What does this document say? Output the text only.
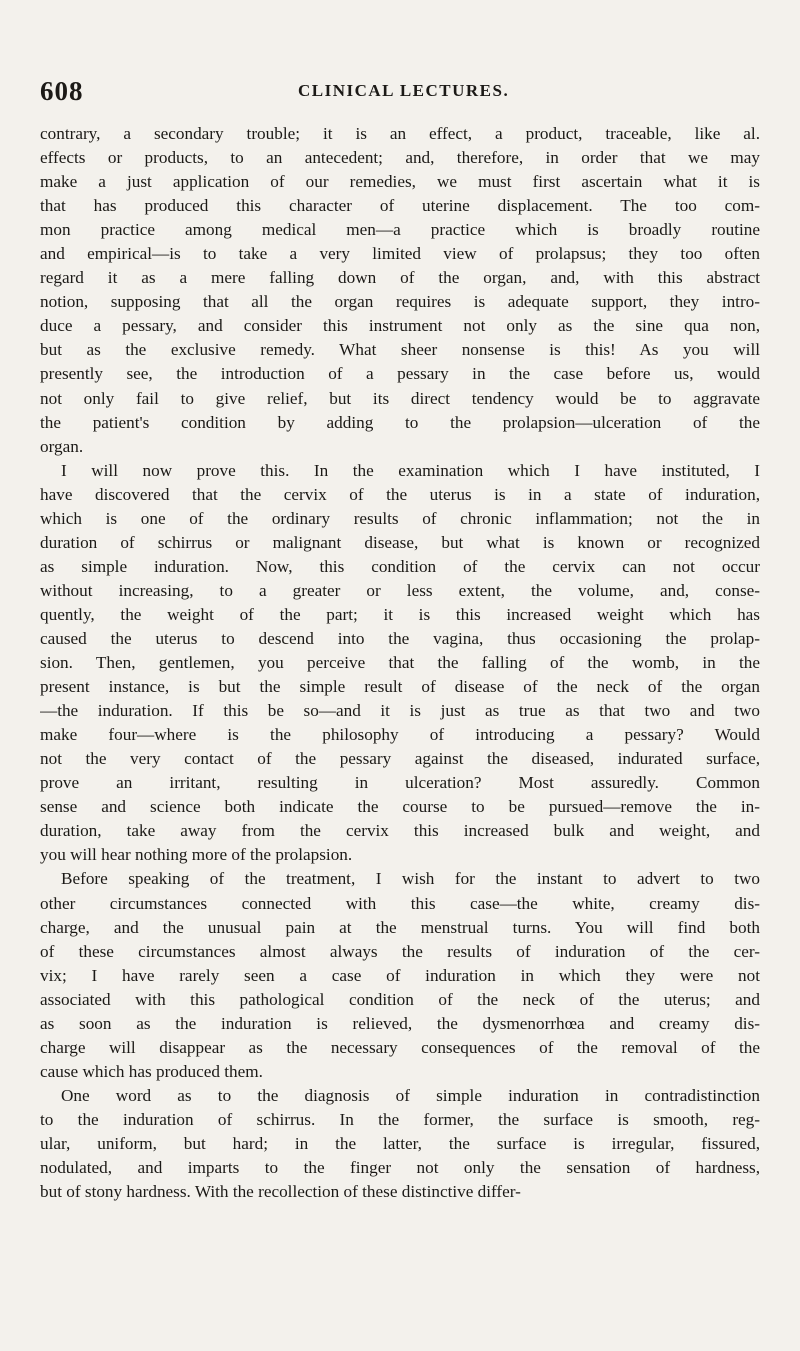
608	CLINICAL LECTURES.

contrary, a secondary trouble; it is an effect, a product, traceable, like al.
effects or products, to an antecedent; and, therefore, in order that we may
make a just application of our remedies, we must first ascertain what it is
that has produced this character of uterine displacement. The too com-
mon practice among medical men—a practice which is broadly routine
and empirical—is to take a very limited view of prolapsus; they too often
regard it as a mere falling down of the organ, and, with this abstract
notion, supposing that all the organ requires is adequate support, they intro-
duce a pessary, and consider this instrument not only as the sine qua non,
but as the exclusive remedy. What sheer nonsense is this! As you will
presently see, the introduction of a pessary in the case before us, would
not only fail to give relief, but its direct tendency would be to aggravate
the patient's condition by adding to the prolapsion—ulceration of the
organ.

I will now prove this. In the examination which I have instituted, I
have discovered that the cervix of the uterus is in a state of induration,
which is one of the ordinary results of chronic inflammation; not the in
duration of schirrus or malignant disease, but what is known or recognized
as simple induration. Now, this condition of the cervix can not occur
without increasing, to a greater or less extent, the volume, and, conse-
quently, the weight of the part; it is this increased weight which has
caused the uterus to descend into the vagina, thus occasioning the prolap-
sion. Then, gentlemen, you perceive that the falling of the womb, in the
present instance, is but the simple result of disease of the neck of the organ
—the induration. If this be so—and it is just as true as that two and two
make four—where is the philosophy of introducing a pessary? Would
not the very contact of the pessary against the diseased, indurated surface,
prove an irritant, resulting in ulceration? Most assuredly. Common
sense and science both indicate the course to be pursued—remove the in-
duration, take away from the cervix this increased bulk and weight, and
you will hear nothing more of the prolapsion.

Before speaking of the treatment, I wish for the instant to advert to two
other circumstances connected with this case—the white, creamy dis-
charge, and the unusual pain at the menstrual turns. You will find both
of these circumstances almost always the results of induration of the cer-
vix; I have rarely seen a case of induration in which they were not
associated with this pathological condition of the neck of the uterus; and
as soon as the induration is relieved, the dysmenorrhœa and creamy dis-
charge will disappear as the necessary consequences of the removal of the
cause which has produced them.

One word as to the diagnosis of simple induration in contradistinction
to the induration of schirrus. In the former, the surface is smooth, reg-
ular, uniform, but hard; in the latter, the surface is irregular, fissured,
nodulated, and imparts to the finger not only the sensation of hardness,
but of stony hardness. With the recollection of these distinctive differ-
